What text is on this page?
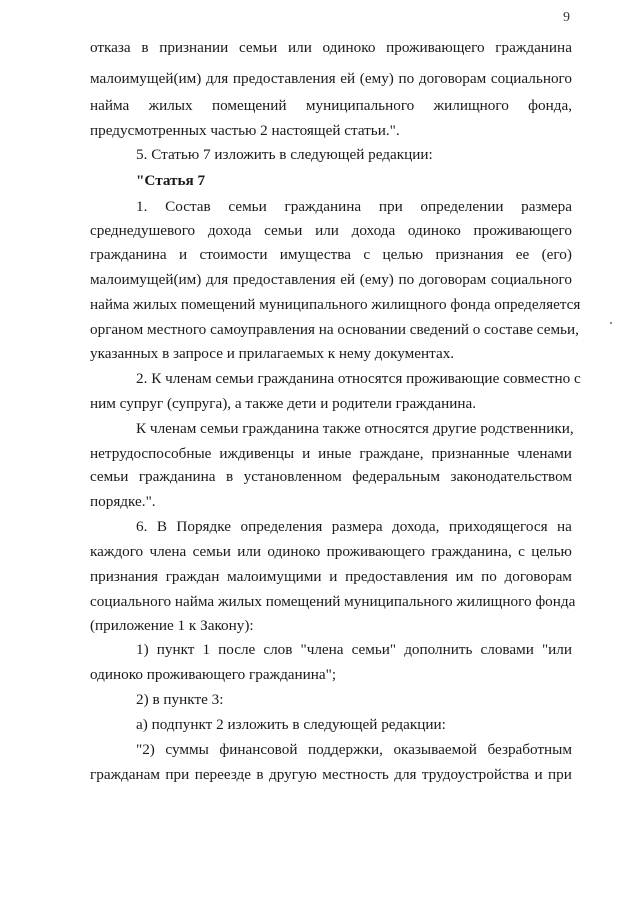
9
отказа в признании семьи или одиноко проживающего гражданина
малоимущей(им) для предоставления ей (ему) по договорам социального
найма жилых помещений муниципального жилищного фонда,
предусмотренных частью 2 настоящей статьи.".
5. Статью 7 изложить в следующей редакции:
"Статья 7
1. Состав семьи гражданина при определении размера
среднедушевого дохода семьи или дохода одиноко проживающего
гражданина и стоимости имущества с целью признания ее (его)
малоимущей(им) для предоставления ей (ему) по договорам социального
найма жилых помещений муниципального жилищного фонда определяется
органом местного самоуправления на основании сведений о составе семьи,
указанных в запросе и прилагаемых к нему документах.
2. К членам семьи гражданина относятся проживающие совместно с
ним супруг (супруга), а также дети и родители гражданина.
К членам семьи гражданина также относятся другие родственники,
нетрудоспособные иждивенцы и иные граждане, признанные членами
семьи гражданина в установленном федеральным законодательством
порядке.".
6. В Порядке определения размера дохода, приходящегося на
каждого члена семьи или одиноко проживающего гражданина, с целью
признания граждан малоимущими и предоставления им по договорам
социального найма жилых помещений муниципального жилищного фонда
(приложение 1 к Закону):
1) пункт 1 после слов "члена семьи" дополнить словами "или
одиноко проживающего гражданина";
2) в пункте 3:
а) подпункт 2 изложить в следующей редакции:
"2) суммы финансовой поддержки, оказываемой безработным
гражданам при переезде в другую местность для трудоустройства и при
